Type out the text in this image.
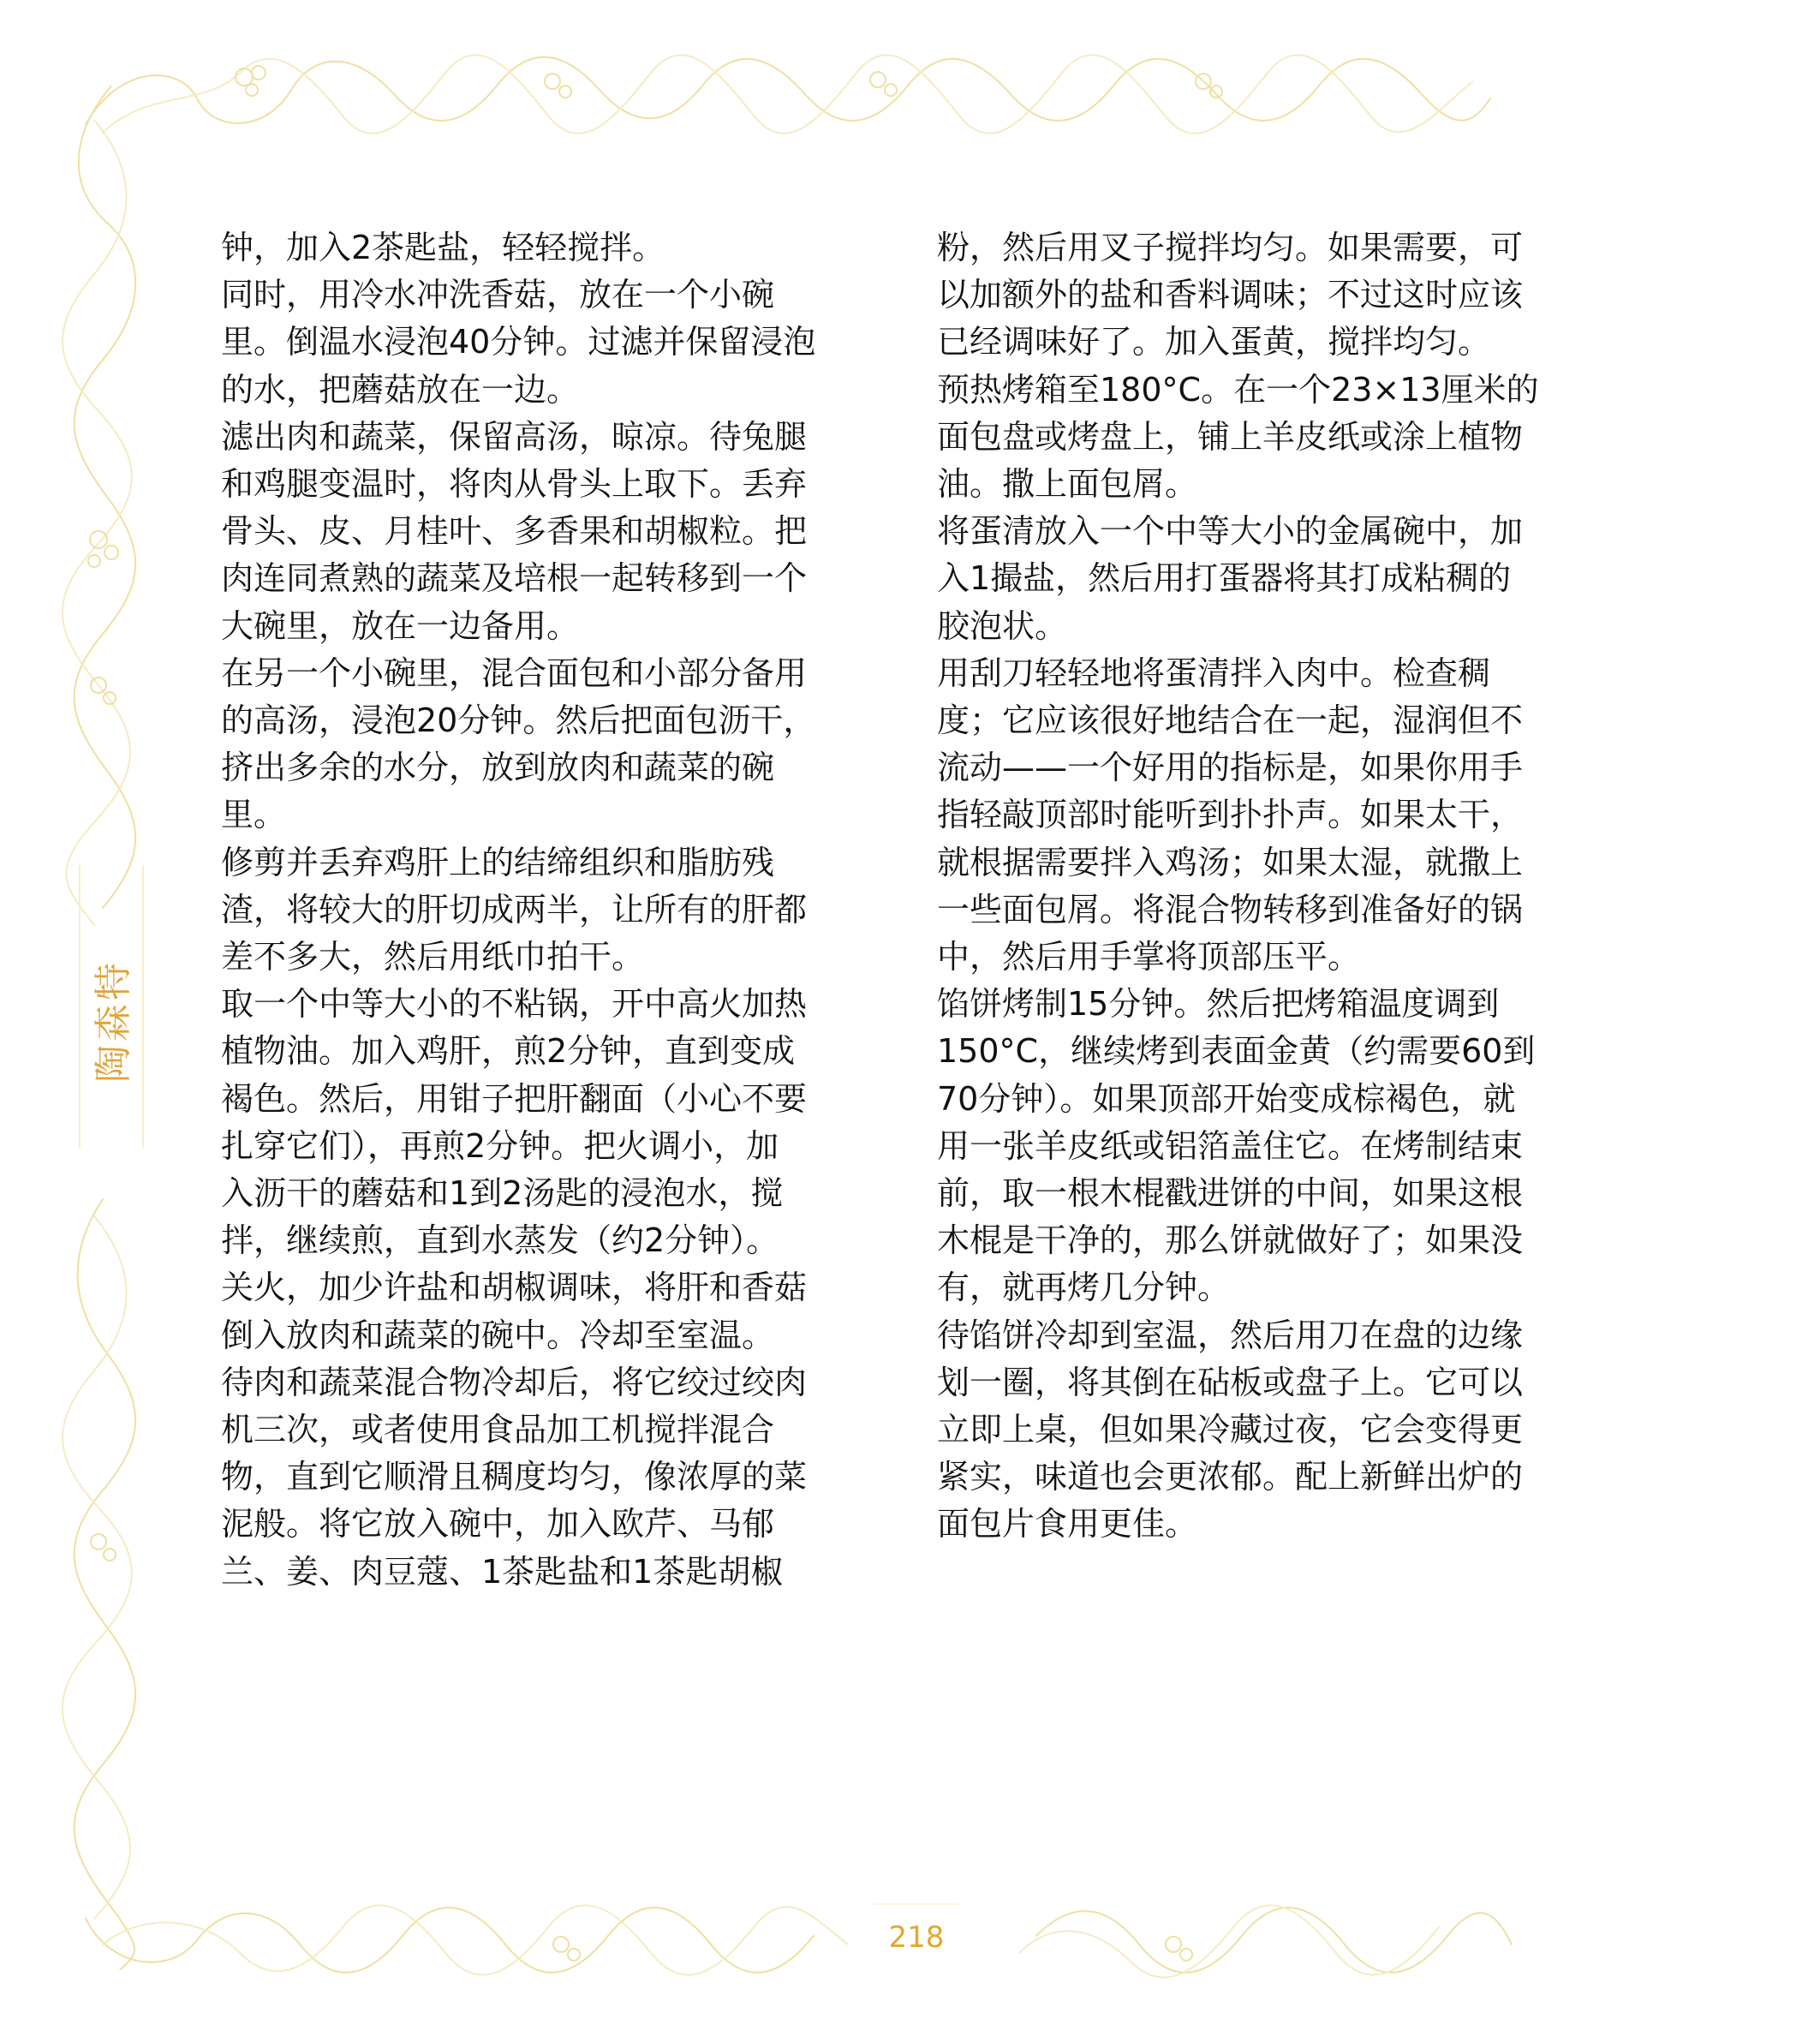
陶森特

钟，加入2茶匙盐，轻轻搅拌。

同时，用冷水冲洗香菇，放在一个小碗

里。倒温水浸泡40分钟。过滤并保留浸泡

的水，把蘑菇放在一边。

滤出肉和蔬菜，保留高汤，晾凉。待兔腿

和鸡腿变温时，将肉从骨头上取下。丢弃

骨头、皮、月桂叶、多香果和胡椒粒。把

肉连同煮熟的蔬菜及培根一起转移到一个

大碗里，放在一边备用。

在另一个小碗里，混合面包和小部分备用

的高汤，浸泡20分钟。然后把面包沥干，

挤出多余的水分，放到放肉和蔬菜的碗

里。

修剪并丢弃鸡肝上的结缔组织和脂肪残

渣，将较大的肝切成两半，让所有的肝都

差不多大，然后用纸巾拍干。

取一个中等大小的不粘锅，开中高火加热

植物油。加入鸡肝，煎2分钟，直到变成

褐色。然后，用钳子把肝翻面（小心不要

扎穿它们），再煎2分钟。把火调小，加

入沥干的蘑菇和1到2汤匙的浸泡水，搅

拌，继续煎，直到水蒸发（约2分钟）。

关火，加少许盐和胡椒调味，将肝和香菇

倒入放肉和蔬菜的碗中。冷却至室温。

待肉和蔬菜混合物冷却后，将它绞过绞肉

机三次，或者使用食品加工机搅拌混合

物，直到它顺滑且稠度均匀，像浓厚的菜

泥般。将它放入碗中，加入欧芹、马郁

兰、姜、肉豆蔻、1茶匙盐和1茶匙胡椒

粉，然后用叉子搅拌均匀。如果需要，可

以加额外的盐和香料调味；不过这时应该

已经调味好了。加入蛋黄，搅拌均匀。

预热烤箱至180°C。在一个23×13厘米的

面包盘或烤盘上，铺上羊皮纸或涂上植物

油。撒上面包屑。

将蛋清放入一个中等大小的金属碗中，加

入1撮盐，然后用打蛋器将其打成粘稠的

胶泡状。

用刮刀轻轻地将蛋清拌入肉中。检查稠

度；它应该很好地结合在一起，湿润但不

流动——一个好用的指标是，如果你用手

指轻敲顶部时能听到扑扑声。如果太干，

就根据需要拌入鸡汤；如果太湿，就撒上

一些面包屑。将混合物转移到准备好的锅

中，然后用手掌将顶部压平。

馅饼烤制15分钟。然后把烤箱温度调到

150°C，继续烤到表面金黄（约需要60到

70分钟）。如果顶部开始变成棕褐色，就

用一张羊皮纸或铝箔盖住它。在烤制结束

前，取一根木棍戳进饼的中间，如果这根

木棍是干净的，那么饼就做好了；如果没

有，就再烤几分钟。

待馅饼冷却到室温，然后用刀在盘的边缘

划一圈，将其倒在砧板或盘子上。它可以

立即上桌，但如果冷藏过夜，它会变得更

紧实，味道也会更浓郁。配上新鲜出炉的

面包片食用更佳。

218
